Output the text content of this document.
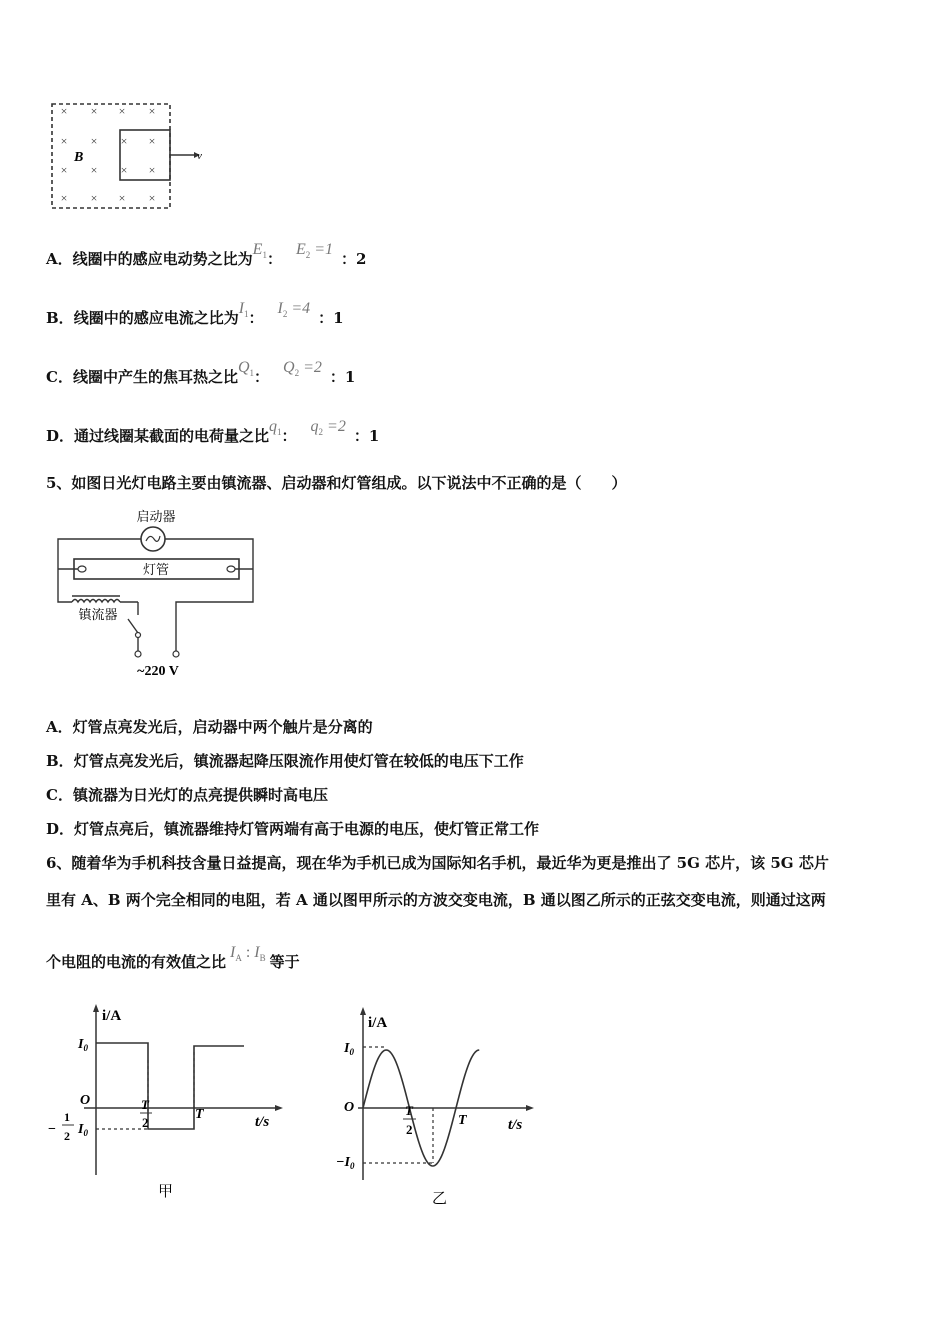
× × × ×
× × × ×
× × × ×
× × × ×
B	v
A．线圈中的感应电动势之比为$E_1$：$E_2 =1$：2
B．线圈中的感应电流之比为$I_1$：$I_2 =4$：1
C．线圈中产生的焦耳热之比$Q_1$：$Q_2 =2$：1
D．通过线圈某截面的电荷量之比$q_1$：$q_2 =2$：1
5、如图日光灯电路主要由镇流器、启动器和灯管组成。以下说法中不正确的是（　　）
启动器
灯管
镇流器
~220 V
A．灯管点亮发光后，启动器中两个触片是分离的
B．灯管点亮发光后，镇流器起降压限流作用使灯管在较低的电压下工作
C．镇流器为日光灯的点亮提供瞬时高电压
D．灯管点亮后，镇流器维持灯管两端有高于电源的电压，使灯管正常工作
6、随着华为手机科技含量日益提高，现在华为手机已成为国际知名手机，最近华为更是推出了 5G 芯片，该 5G 芯片
里有 A、B 两个完全相同的电阻，若 A 通以图甲所示的方波交变电流，B 通以图乙所示的正弦交变电流，则通过这两
个电阻的电流的有效值之比$I_A$ : $I_B$ 等于
i/A
t/s
O
$I_0$
−
1
2 $I_0$
T
2
T
甲
i/A
t/s
O
$I_0$
$-I_0$
T
2
T
乙
